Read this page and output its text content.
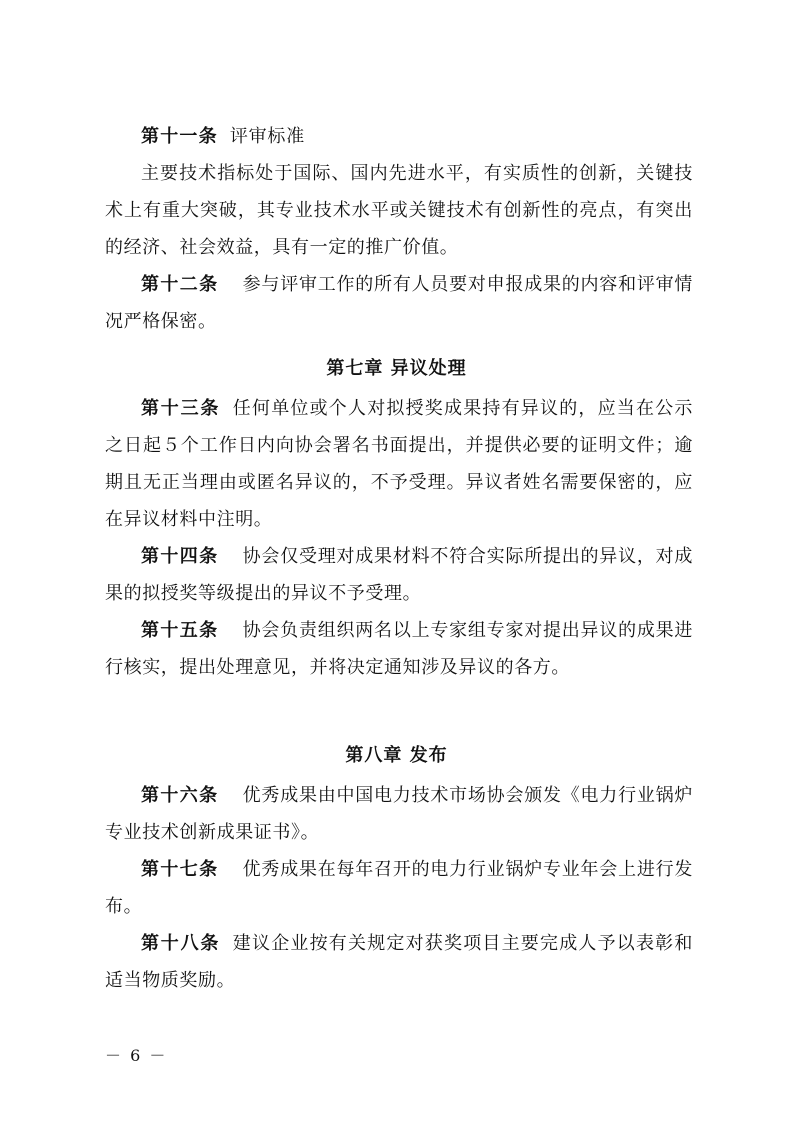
第十一条 评审标准

主要技术指标处于国际、国内先进水平，有实质性的创新，关键技术上有重大突破，其专业技术水平或关键技术有创新性的亮点，有突出的经济、社会效益，具有一定的推广价值。

第十二条 参与评审工作的所有人员要对申报成果的内容和评审情况严格保密。

第七章 异议处理

第十三条 任何单位或个人对拟授奖成果持有异议的，应当在公示之日起５个工作日内向协会署名书面提出，并提供必要的证明文件；逾期且无正当理由或匿名异议的，不予受理。异议者姓名需要保密的，应在异议材料中注明。

第十四条 协会仅受理对成果材料不符合实际所提出的异议，对成果的拟授奖等级提出的异议不予受理。

第十五条 协会负责组织两名以上专家组专家对提出异议的成果进行核实，提出处理意见，并将决定通知涉及异议的各方。

第八章 发布

第十六条 优秀成果由中国电力技术市场协会颁发《电力行业锅炉专业技术创新成果证书》。

第十七条 优秀成果在每年召开的电力行业锅炉专业年会上进行发布。

第十八条 建议企业按有关规定对获奖项目主要完成人予以表彰和适当物质奖励。

－ 6 －
